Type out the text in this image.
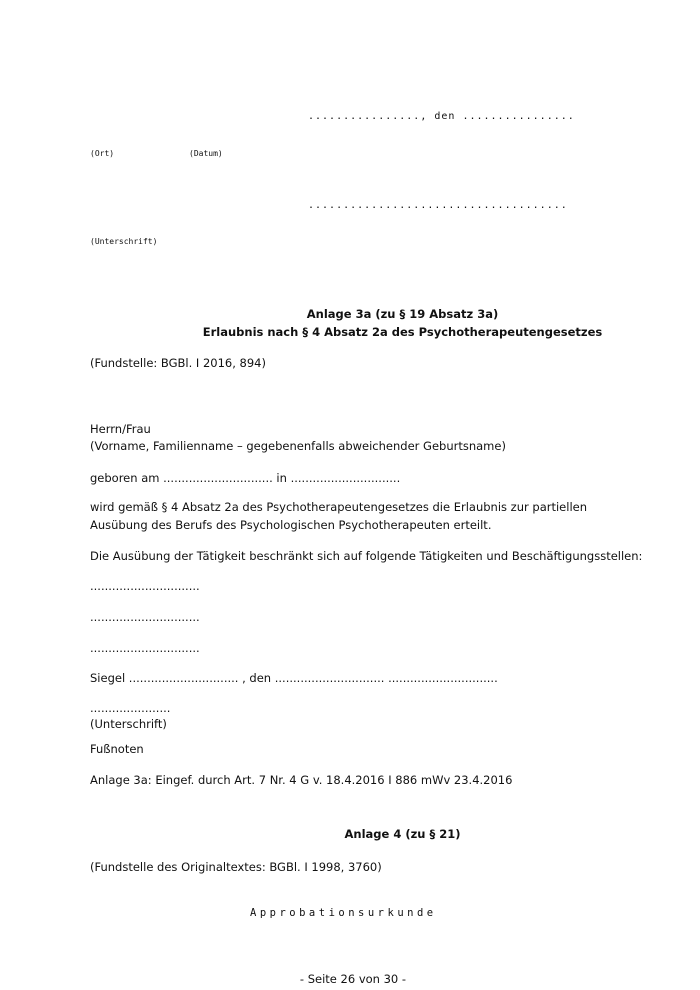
................, den ................
(Ort)	(Datum)
.....................................
(Unterschrift)
Anlage 3a (zu § 19 Absatz 3a)
Erlaubnis nach § 4 Absatz 2a des Psychotherapeutengesetzes
(Fundstelle: BGBl. I 2016, 894)
Herrn/Frau
(Vorname, Familienname – gegebenenfalls abweichender Geburtsname)
geboren am .............................. in ..............................
wird gemäß § 4 Absatz 2a des Psychotherapeutengesetzes die Erlaubnis zur partiellen Ausübung des Berufs des Psychologischen Psychotherapeuten erteilt.
Die Ausübung der Tätigkeit beschränkt sich auf folgende Tätigkeiten und Beschäftigungsstellen:
..............................
..............................
..............................
Siegel .............................. , den .............................. ..............................
......................
(Unterschrift)
Fußnoten
Anlage 3a: Eingef. durch Art. 7 Nr. 4 G v. 18.4.2016 I 886 mWv 23.4.2016
Anlage 4 (zu § 21)
(Fundstelle des Originaltextes: BGBl. I 1998, 3760)
Approbationsurkunde
- Seite 26 von 30 -
